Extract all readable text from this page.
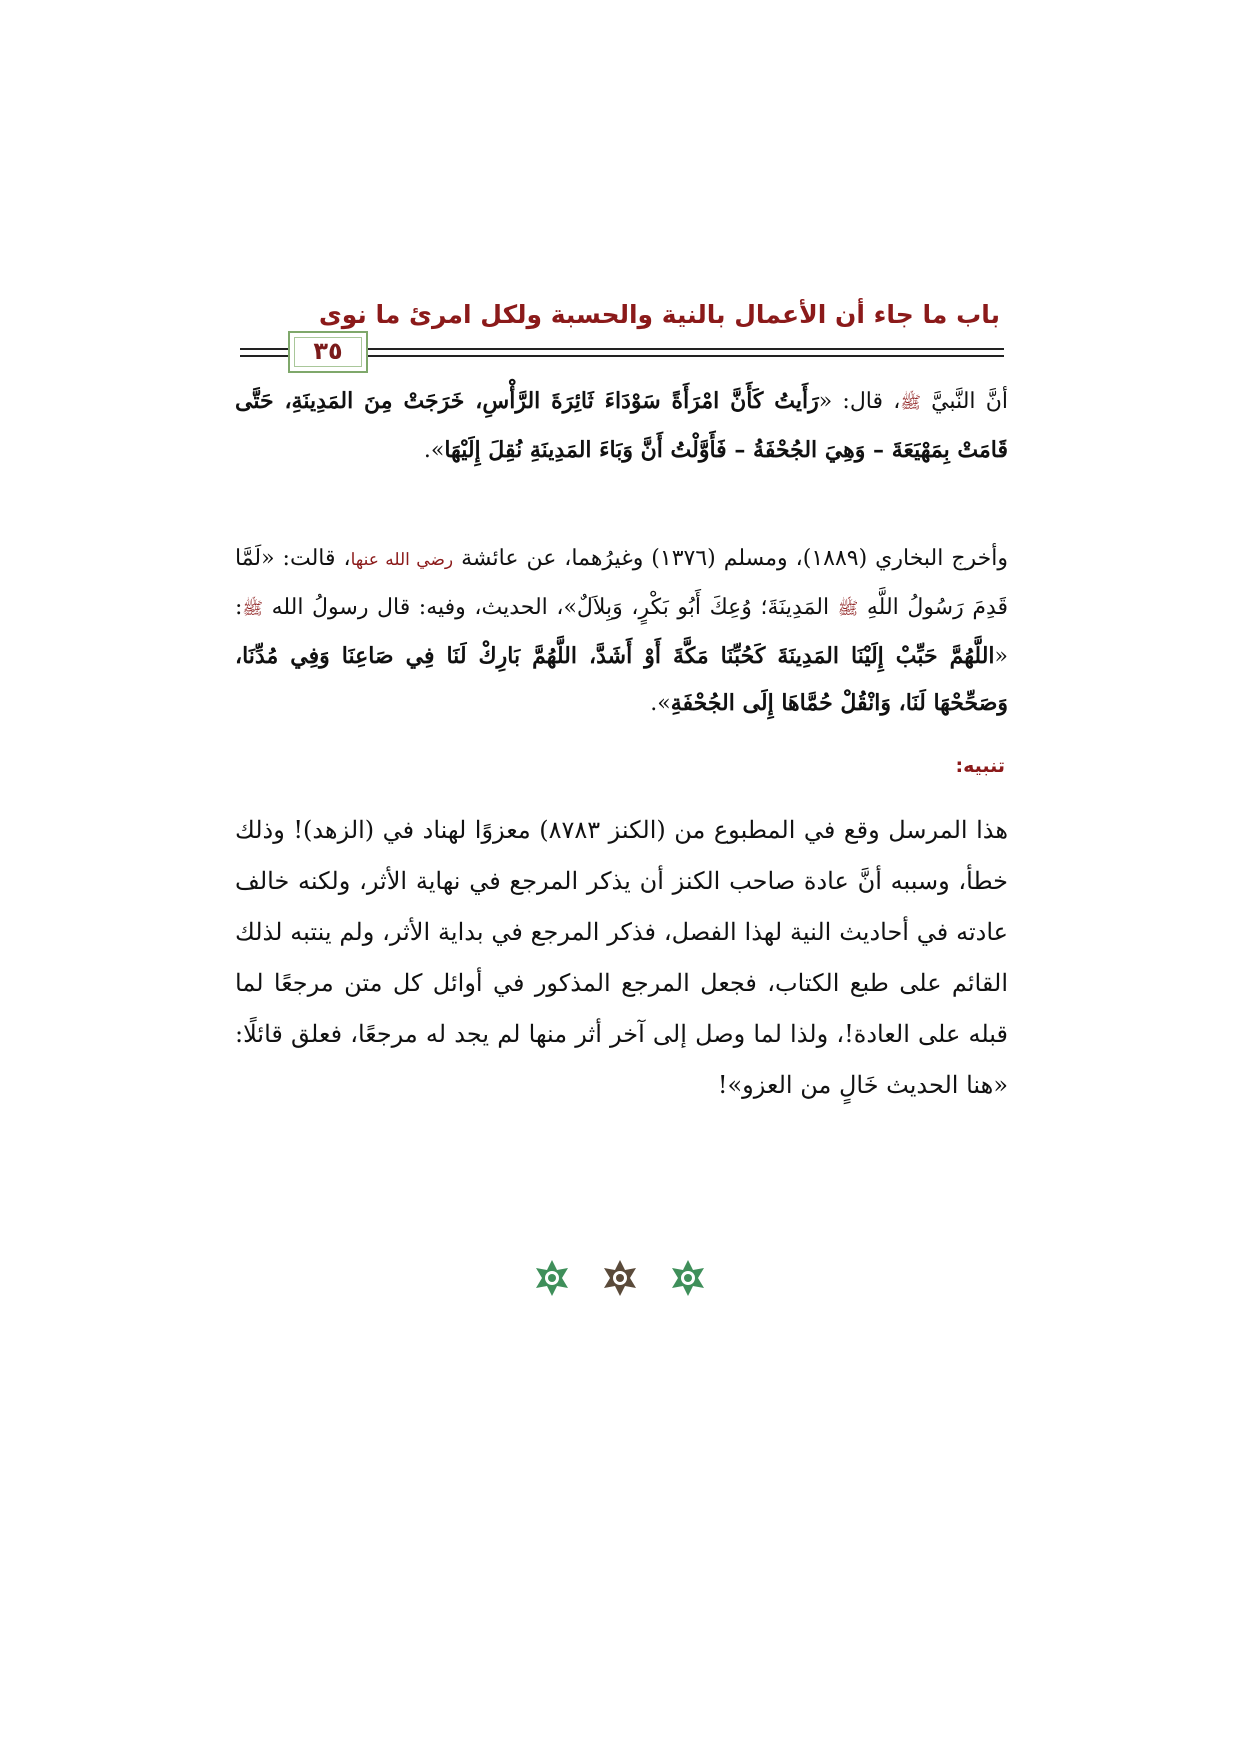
باب ما جاء أن الأعمال بالنية والحسبة ولكل امرئ ما نوى
٣٥
أنَّ النَّبيَّ ﷺ، قال: «رَأَيتُ كَأَنَّ امْرَأَةً سَوْدَاءَ ثَائِرَةَ الرَّأْسِ، خَرَجَتْ مِنَ المَدِينَةِ، حَتَّى قَامَتْ بِمَهْيَعَةَ – وَهِيَ الجُحْفَةُ – فَأَوَّلْتُ أَنَّ وَبَاءَ المَدِينَةِ نُقِلَ إِلَيْهَا».
وأخرج البخاري (١٨٨٩)، ومسلم (١٣٧٦) وغيرُهما، عن عائشة رضي الله عنها، قالت: «لَمَّا قَدِمَ رَسُولُ اللَّهِ ﷺ المَدِينَةَ؛ وُعِكَ أَبُو بَكْرٍ، وَبِلاَلٌ»، الحديث، وفيه: قال رسولُ الله ﷺ: «اللَّهُمَّ حَبِّبْ إِلَيْنَا المَدِينَةَ كَحُبِّنَا مَكَّةَ أَوْ أَشَدَّ، اللَّهُمَّ بَارِكْ لَنَا فِي صَاعِنَا وَفِي مُدِّنَا، وَصَحِّحْهَا لَنَا، وَانْقُلْ حُمَّاهَا إِلَى الجُحْفَةِ».
تنبيه:
هذا المرسل وقع في المطبوع من (الكنز ٨٧٨٣) معزوًا لهناد في (الزهد)! وذلك خطأ، وسببه أنَّ عادة صاحب الكنز أن يذكر المرجع في نهاية الأثر، ولكنه خالف عادته في أحاديث النية لهذا الفصل، فذكر المرجع في بداية الأثر، ولم ينتبه لذلك القائم على طبع الكتاب، فجعل المرجع المذكور في أوائل كل متن مرجعًا لما قبله على العادة!، ولذا لما وصل إلى آخر أثر منها لم يجد له مرجعًا، فعلق قائلًا: «هنا الحديث خَالٍ من العزو»!
